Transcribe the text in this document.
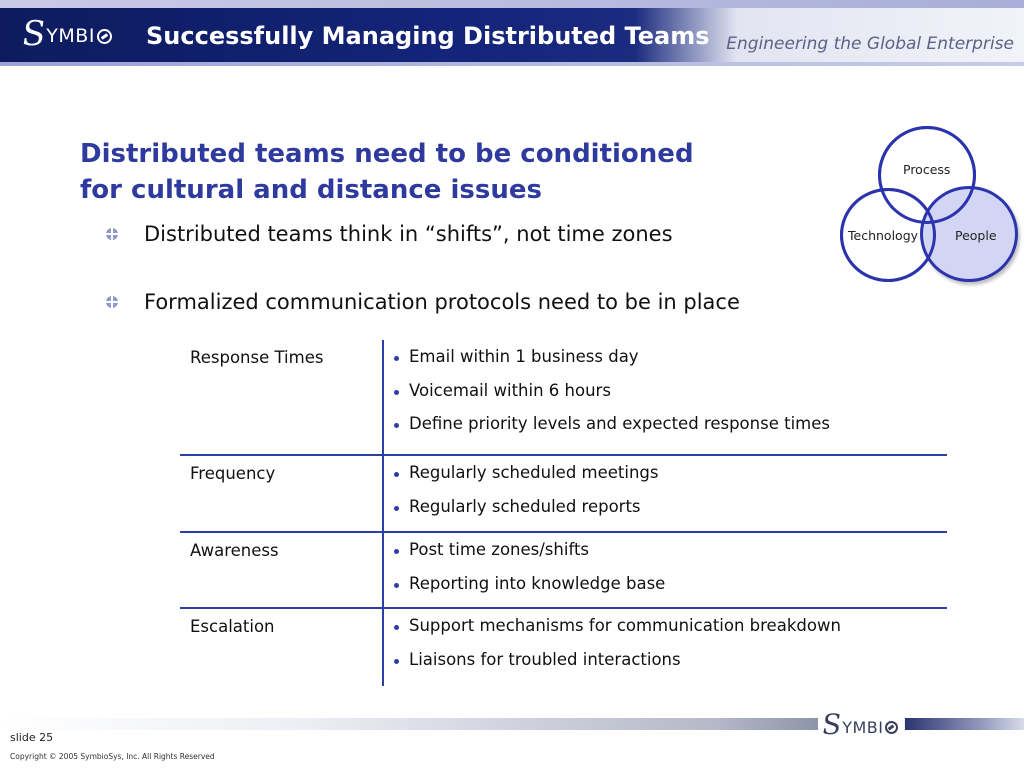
S
YMBI Successfully Managing Distributed Teams Engineering the Global Enterprise
Distributed teams need to be conditioned
for cultural and distance issues
Distributed teams think in “shifts”, not time zones
Formalized communication protocols need to be in place
Process
Technology	People
Response Times	Email within 1 business day
Voicemail within 6 hours
Define priority levels and expected response times
Frequency	Regularly scheduled meetings
Regularly scheduled reports
Awareness	Post time zones/shifts
Reporting into knowledge base
Escalation	Support mechanisms for communication breakdown
Liaisons for troubled interactions
S
YMBI
slide 25
Copyright © 2005 SymbioSys, Inc. All Rights Reserved
